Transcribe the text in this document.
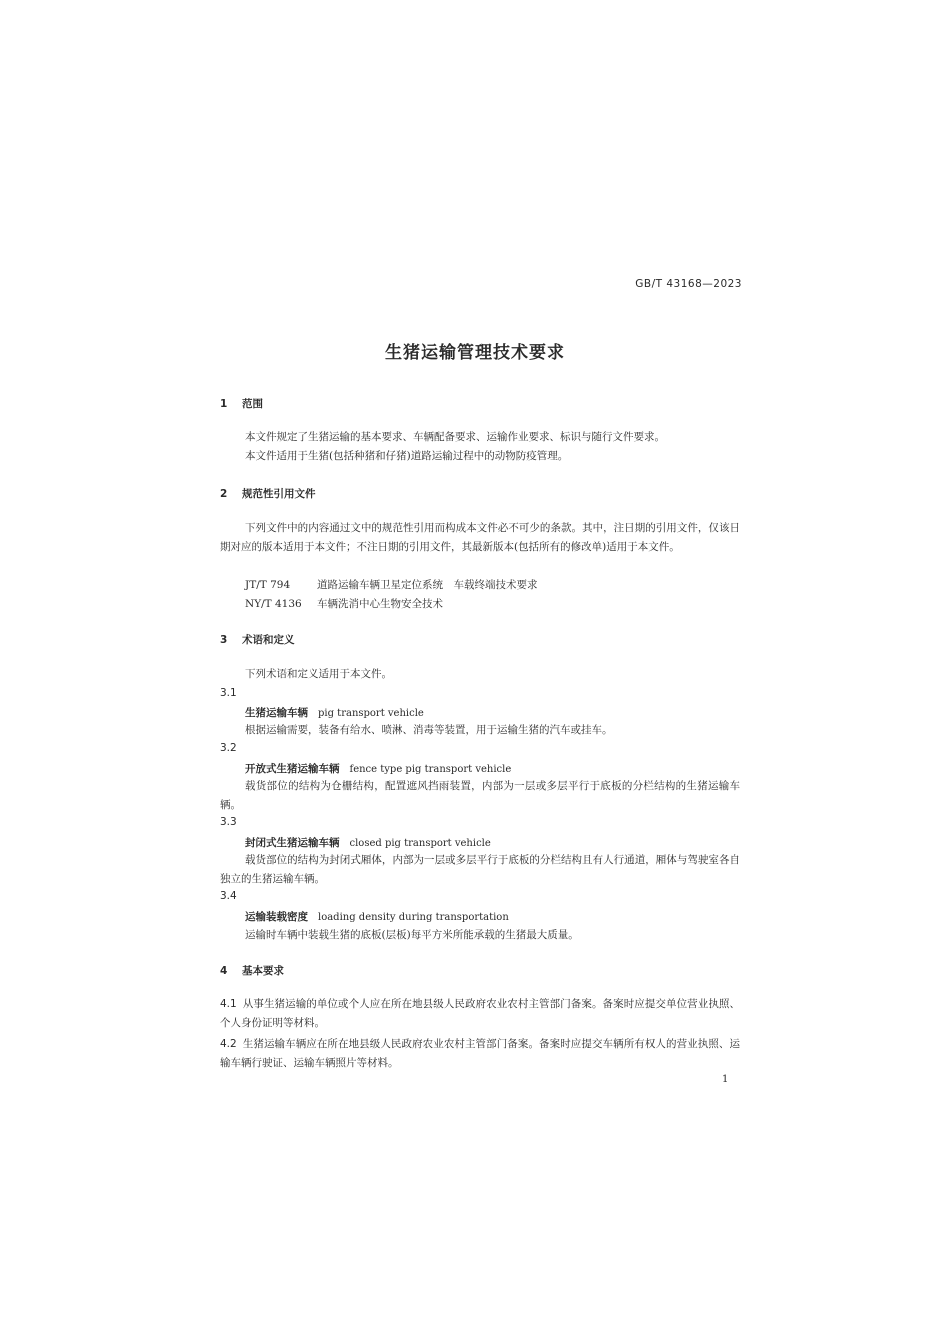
GB/T 43168—2023
生猪运输管理技术要求
1 范围
本文件规定了生猪运输的基本要求、车辆配备要求、运输作业要求、标识与随行文件要求。
本文件适用于生猪(包括种猪和仔猪)道路运输过程中的动物防疫管理。
2 规范性引用文件
下列文件中的内容通过文中的规范性引用而构成本文件必不可少的条款。其中，注日期的引用文件，仅该日期对应的版本适用于本文件；不注日期的引用文件，其最新版本(包括所有的修改单)适用于本文件。
JT/T 794	道路运输车辆卫星定位系统　车载终端技术要求
NY/T 4136 车辆洗消中心生物安全技术
3 术语和定义
下列术语和定义适用于本文件。
3.1
生猪运输车辆 pig transport vehicle
根据运输需要，装备有给水、喷淋、消毒等装置，用于运输生猪的汽车或挂车。
3.2
开放式生猪运输车辆 fence type pig transport vehicle
载货部位的结构为仓栅结构，配置遮风挡雨装置，内部为一层或多层平行于底板的分栏结构的生猪运输车辆。
3.3
封闭式生猪运输车辆 closed pig transport vehicle
载货部位的结构为封闭式厢体，内部为一层或多层平行于底板的分栏结构且有人行通道，厢体与驾驶室各自独立的生猪运输车辆。
3.4
运输装载密度 loading density during transportation
运输时车辆中装载生猪的底板(层板)每平方米所能承载的生猪最大质量。
4 基本要求
4.1 从事生猪运输的单位或个人应在所在地县级人民政府农业农村主管部门备案。备案时应提交单位营业执照、个人身份证明等材料。
4.2 生猪运输车辆应在所在地县级人民政府农业农村主管部门备案。备案时应提交车辆所有权人的营业执照、运输车辆行驶证、运输车辆照片等材料。
1
